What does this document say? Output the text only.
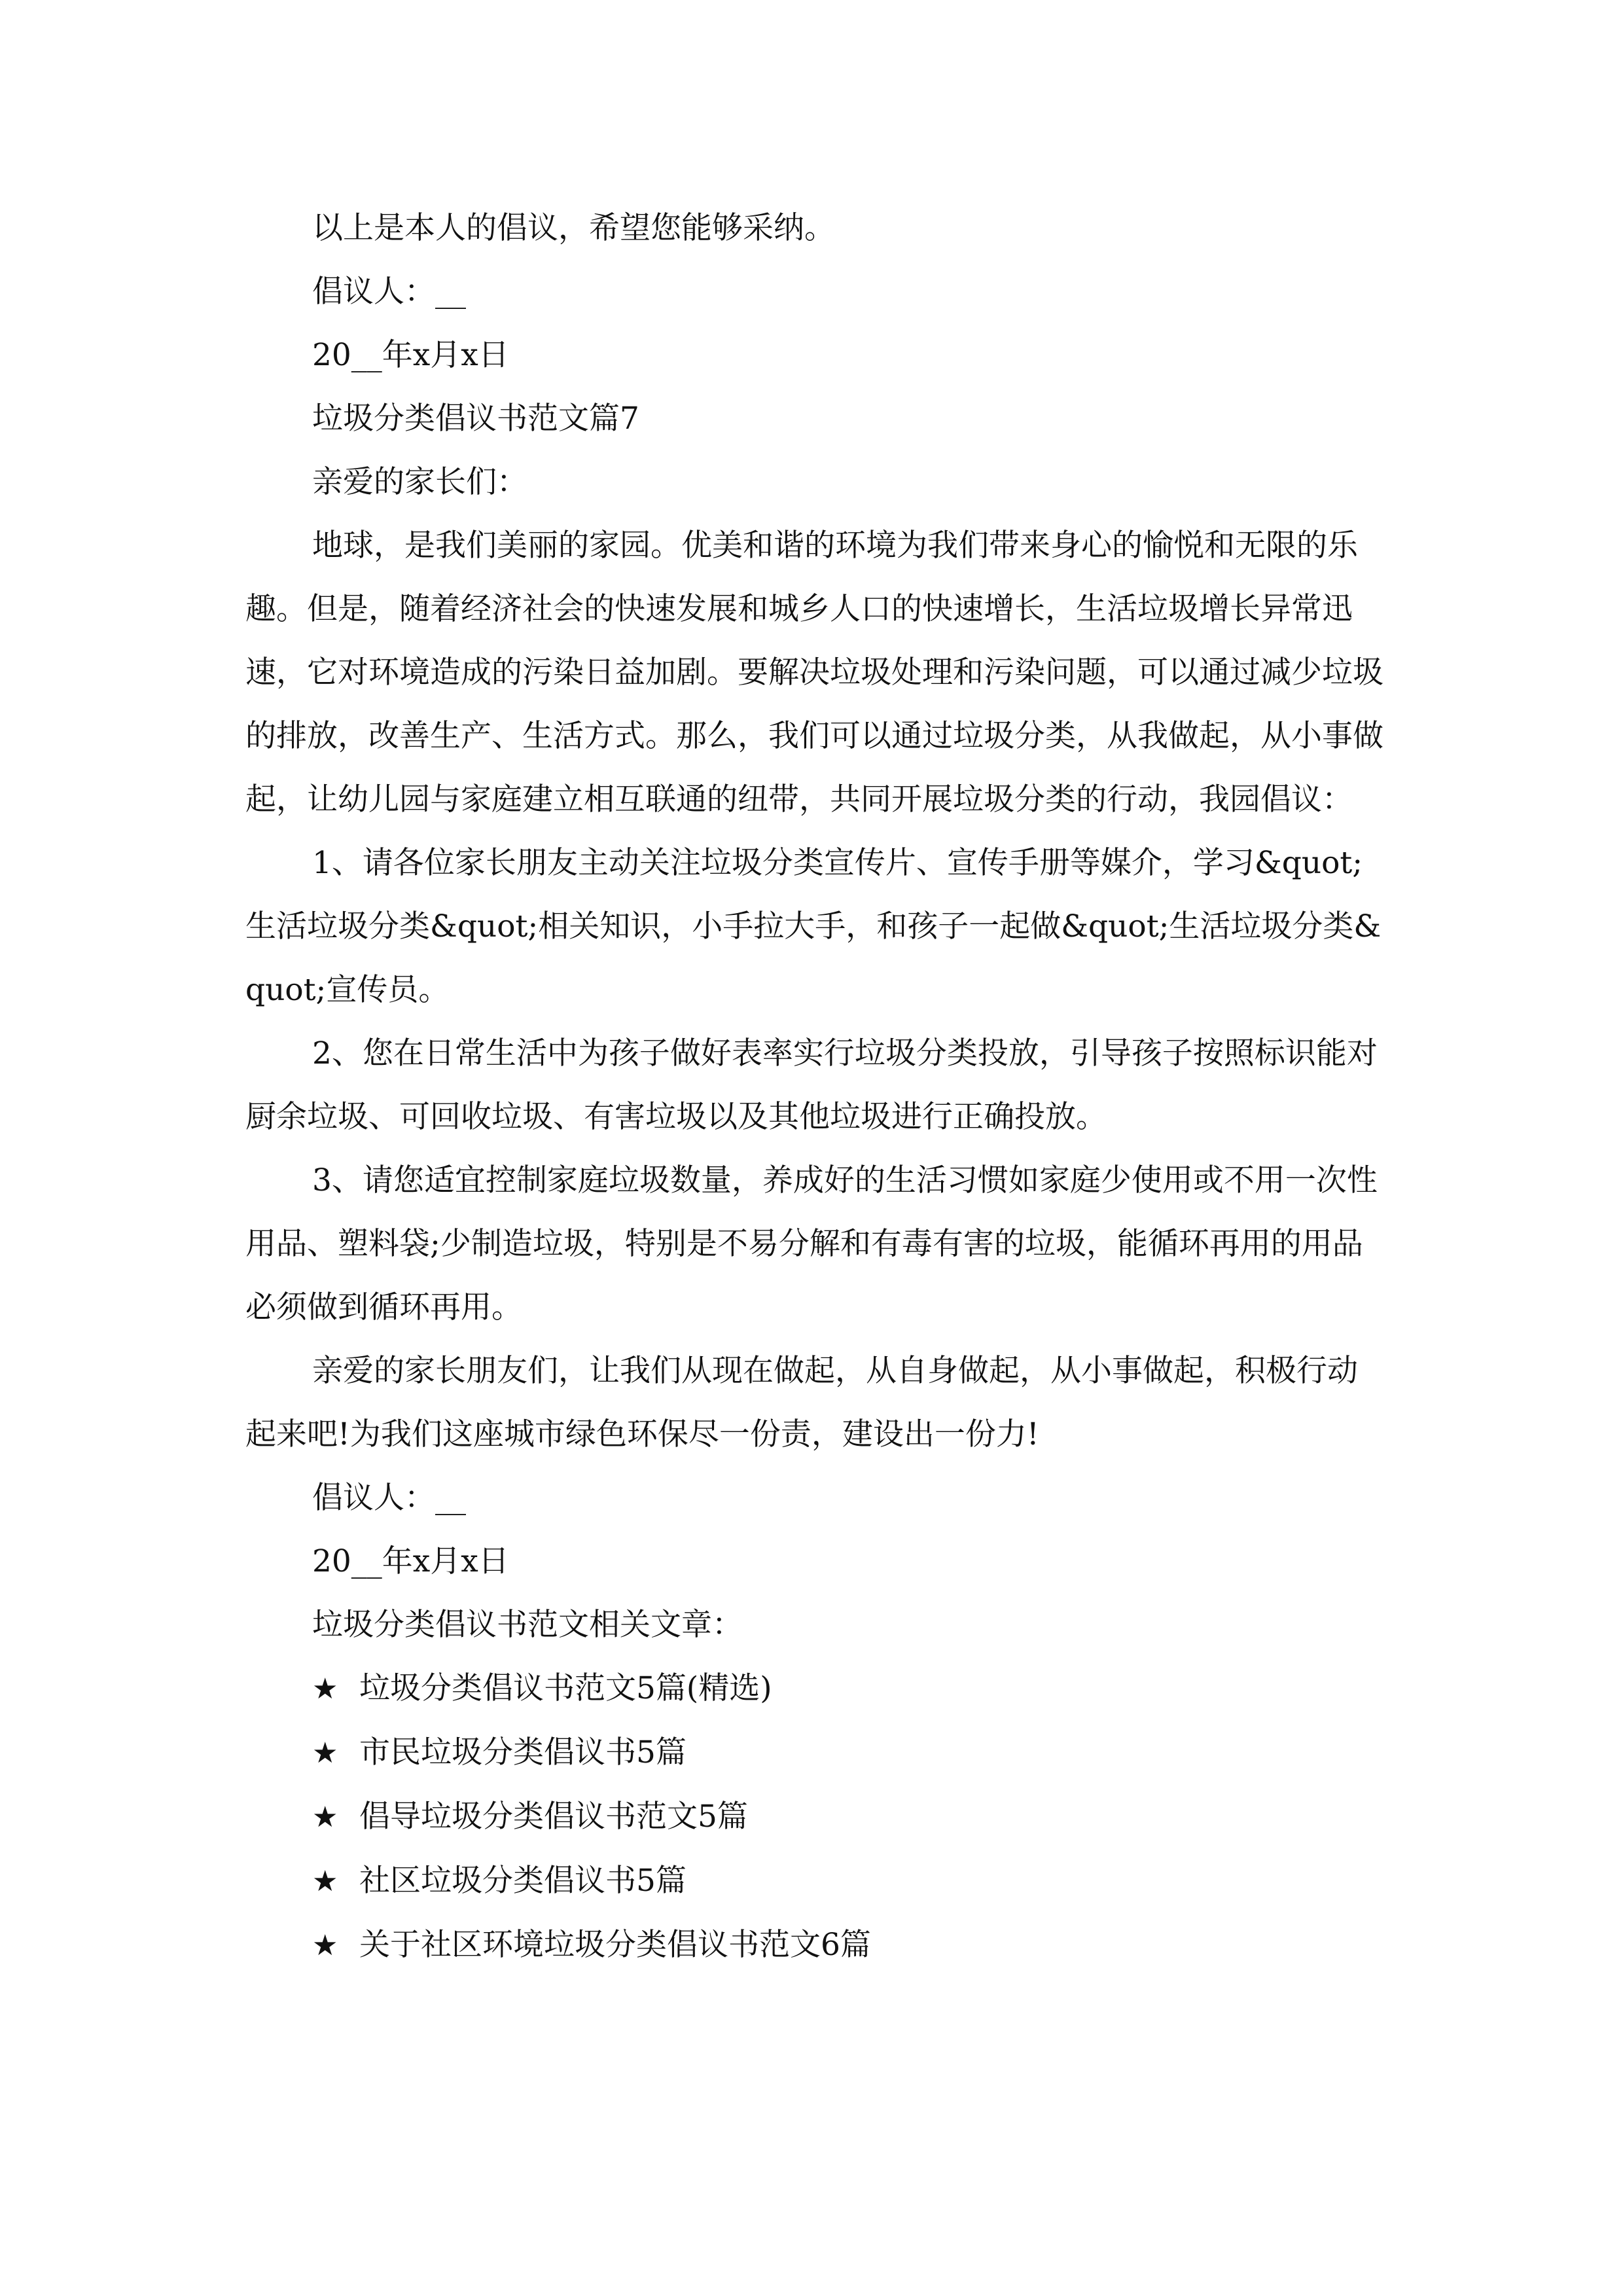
以上是本人的倡议，希望您能够采纳。

倡议人：__

20__年x月x日

垃圾分类倡议书范文篇7

亲爱的家长们：

地球，是我们美丽的家园。优美和谐的环境为我们带来身心的愉悦和无限的乐趣。但是，随着经济社会的快速发展和城乡人口的快速增长，生活垃圾增长异常迅速，它对环境造成的污染日益加剧。要解决垃圾处理和污染问题，可以通过减少垃圾的排放，改善生产、生活方式。那么，我们可以通过垃圾分类，从我做起，从小事做起，让幼儿园与家庭建立相互联通的纽带，共同开展垃圾分类的行动，我园倡议：

1、请各位家长朋友主动关注垃圾分类宣传片、宣传手册等媒介，学习&quot;生活垃圾分类&quot;相关知识，小手拉大手，和孩子一起做&quot;生活垃圾分类&quot;宣传员。

2、您在日常生活中为孩子做好表率实行垃圾分类投放，引导孩子按照标识能对厨余垃圾、可回收垃圾、有害垃圾以及其他垃圾进行正确投放。

3、请您适宜控制家庭垃圾数量，养成好的生活习惯如家庭少使用或不用一次性用品、塑料袋;少制造垃圾，特别是不易分解和有毒有害的垃圾，能循环再用的用品必须做到循环再用。

亲爱的家长朋友们，让我们从现在做起，从自身做起，从小事做起，积极行动起来吧!为我们这座城市绿色环保尽一份责，建设出一份力!

倡议人：__

20__年x月x日

垃圾分类倡议书范文相关文章：

★ 垃圾分类倡议书范文5篇(精选)
★ 市民垃圾分类倡议书5篇
★ 倡导垃圾分类倡议书范文5篇
★ 社区垃圾分类倡议书5篇
★ 关于社区环境垃圾分类倡议书范文6篇
